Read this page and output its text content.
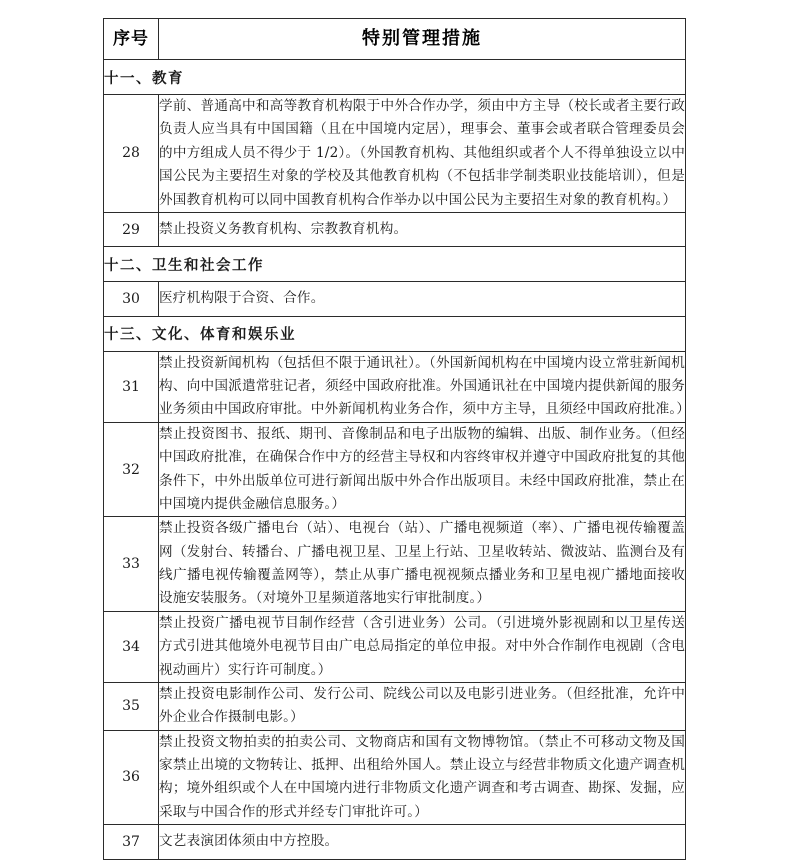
序号	特别管理措施
十一、教育	
28	学前、普通高中和高等教育机构限于中外合作办学，须由中方主导（校长或者主要行政负责人应当具有中国国籍（且在中国境内定居），理事会、董事会或者联合管理委员会的中方组成人员不得少于 1/2）。（外国教育机构、其他组织或者个人不得单独设立以中国公民为主要招生对象的学校及其他教育机构（不包括非学制类职业技能培训），但是外国教育机构可以同中国教育机构合作举办以中国公民为主要招生对象的教育机构。）
29	禁止投资义务教育机构、宗教教育机构。
十二、卫生和社会工作	
30	医疗机构限于合资、合作。
十三、文化、体育和娱乐业	
31	禁止投资新闻机构（包括但不限于通讯社）。（外国新闻机构在中国境内设立常驻新闻机构、向中国派遣常驻记者，须经中国政府批准。外国通讯社在中国境内提供新闻的服务业务须由中国政府审批。中外新闻机构业务合作，须中方主导，且须经中国政府批准。）
32	禁止投资图书、报纸、期刊、音像制品和电子出版物的编辑、出版、制作业务。（但经中国政府批准，在确保合作中方的经营主导权和内容终审权并遵守中国政府批复的其他条件下，中外出版单位可进行新闻出版中外合作出版项目。未经中国政府批准，禁止在中国境内提供金融信息服务。）
33	禁止投资各级广播电台（站）、电视台（站）、广播电视频道（率）、广播电视传输覆盖网（发射台、转播台、广播电视卫星、卫星上行站、卫星收转站、微波站、监测台及有线广播电视传输覆盖网等），禁止从事广播电视视频点播业务和卫星电视广播地面接收设施安装服务。（对境外卫星频道落地实行审批制度。）
34	禁止投资广播电视节目制作经营（含引进业务）公司。（引进境外影视剧和以卫星传送方式引进其他境外电视节目由广电总局指定的单位申报。对中外合作制作电视剧（含电视动画片）实行许可制度。）
35	禁止投资电影制作公司、发行公司、院线公司以及电影引进业务。（但经批准，允许中外企业合作摄制电影。）
36	禁止投资文物拍卖的拍卖公司、文物商店和国有文物博物馆。（禁止不可移动文物及国家禁止出境的文物转让、抵押、出租给外国人。禁止设立与经营非物质文化遗产调查机构；境外组织或个人在中国境内进行非物质文化遗产调查和考古调查、勘探、发掘，应采取与中国合作的形式并经专门审批许可。）
37	文艺表演团体须由中方控股。
